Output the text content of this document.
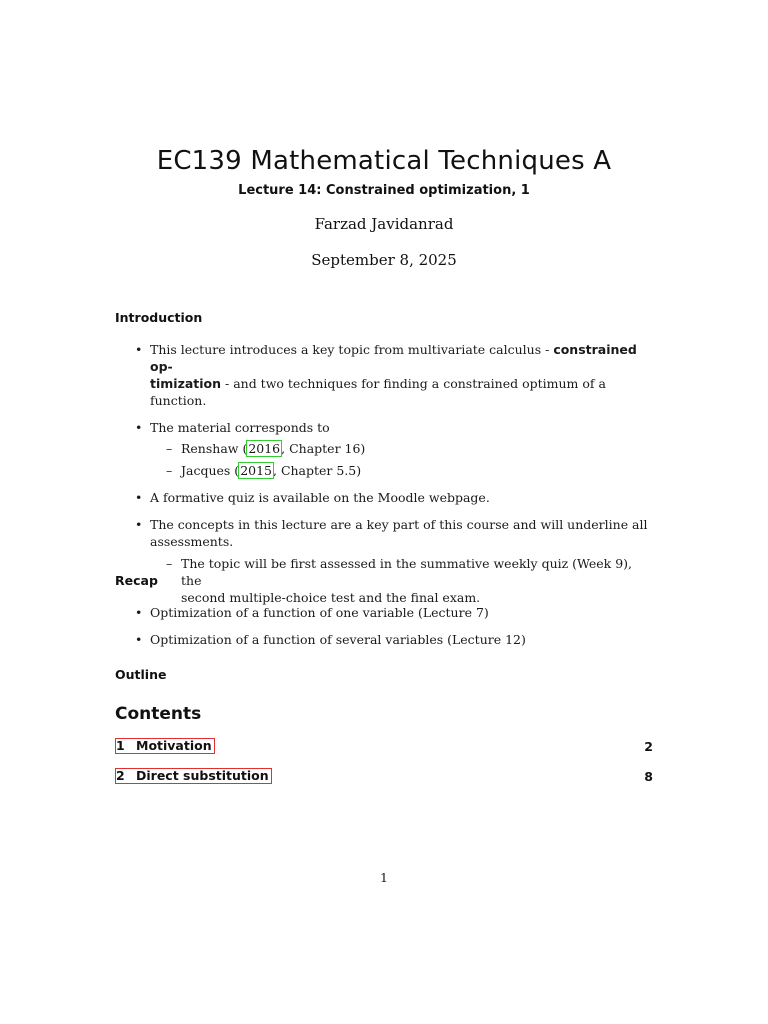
EC139 Mathematical Techniques A
Lecture 14: Constrained optimization, 1
Farzad Javidanrad
September 8, 2025
Introduction
• This lecture introduces a key topic from multivariate calculus - constrained op-
timization - and two techniques for finding a constrained optimum of a function.
• The material corresponds to
– Renshaw (2016, Chapter 16)
– Jacques (2015, Chapter 5.5)
• A formative quiz is available on the Moodle webpage.
• The concepts in this lecture are a key part of this course and will underline all
assessments.
– The topic will be first assessed in the summative weekly quiz (Week 9), the
second multiple-choice test and the final exam.
Recap
• Optimization of a function of one variable (Lecture 7)
• Optimization of a function of several variables (Lecture 12)
Outline
Contents
1 Motivation	2
2 Direct substitution	8
1
